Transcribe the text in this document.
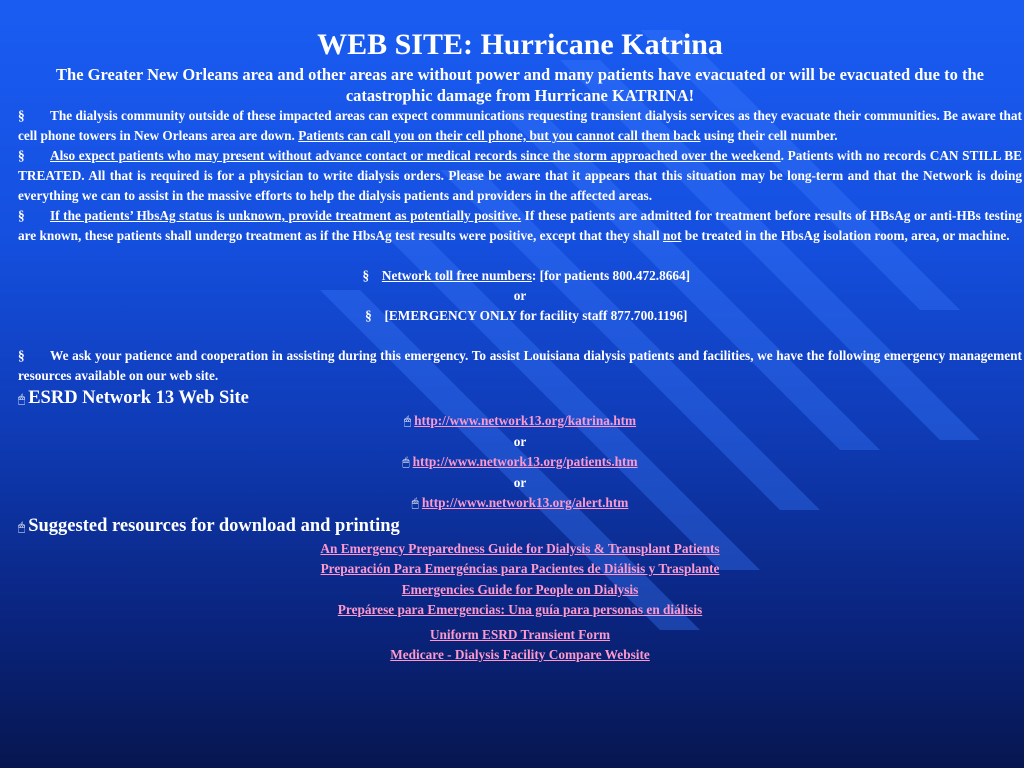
WEB SITE: Hurricane Katrina

The Greater New Orleans area and other areas are without power and many patients have evacuated or will be evacuated due to the catastrophic damage from Hurricane KATRINA!

§ The dialysis community outside of these impacted areas can expect communications requesting transient dialysis services as they evacuate their communities. Be aware that cell phone towers in New Orleans area are down. Patients can call you on their cell phone, but you cannot call them back using their cell number.

§ Also expect patients who may present without advance contact or medical records since the storm approached over the weekend. Patients with no records CAN STILL BE TREATED. All that is required is for a physician to write dialysis orders. Please be aware that it appears that this situation may be long-term and that the Network is doing everything we can to assist in the massive efforts to help the dialysis patients and providers in the affected areas.

§ If the patients’ HbsAg status is unknown, provide treatment as potentially positive. If these patients are admitted for treatment before results of HBsAg or anti-HBs testing are known, these patients shall undergo treatment as if the HbsAg test results were positive, except that they shall not be treated in the HbsAg isolation room, area, or machine.

§ Network toll free numbers: [for patients 800.472.8664]

or

§ [EMERGENCY ONLY for facility staff 877.700.1196]

§ We ask your patience and cooperation in assisting during this emergency. To assist Louisiana dialysis patients and facilities, we have the following emergency management resources available on our web site.

🖱 ESRD Network 13 Web Site

🖱 http://www.network13.org/katrina.htm

or

🖱 http://www.network13.org/patients.htm

or

🖱 http://www.network13.org/alert.htm

🖱 Suggested resources for download and printing

An Emergency Preparedness Guide for Dialysis & Transplant Patients

Preparación Para Emergéncias para Pacientes de Diálisis y Trasplante

Emergencies Guide for People on Dialysis

Prepárese para Emergencias: Una guía para personas en diálisis

Uniform ESRD Transient Form

Medicare - Dialysis Facility Compare Website
